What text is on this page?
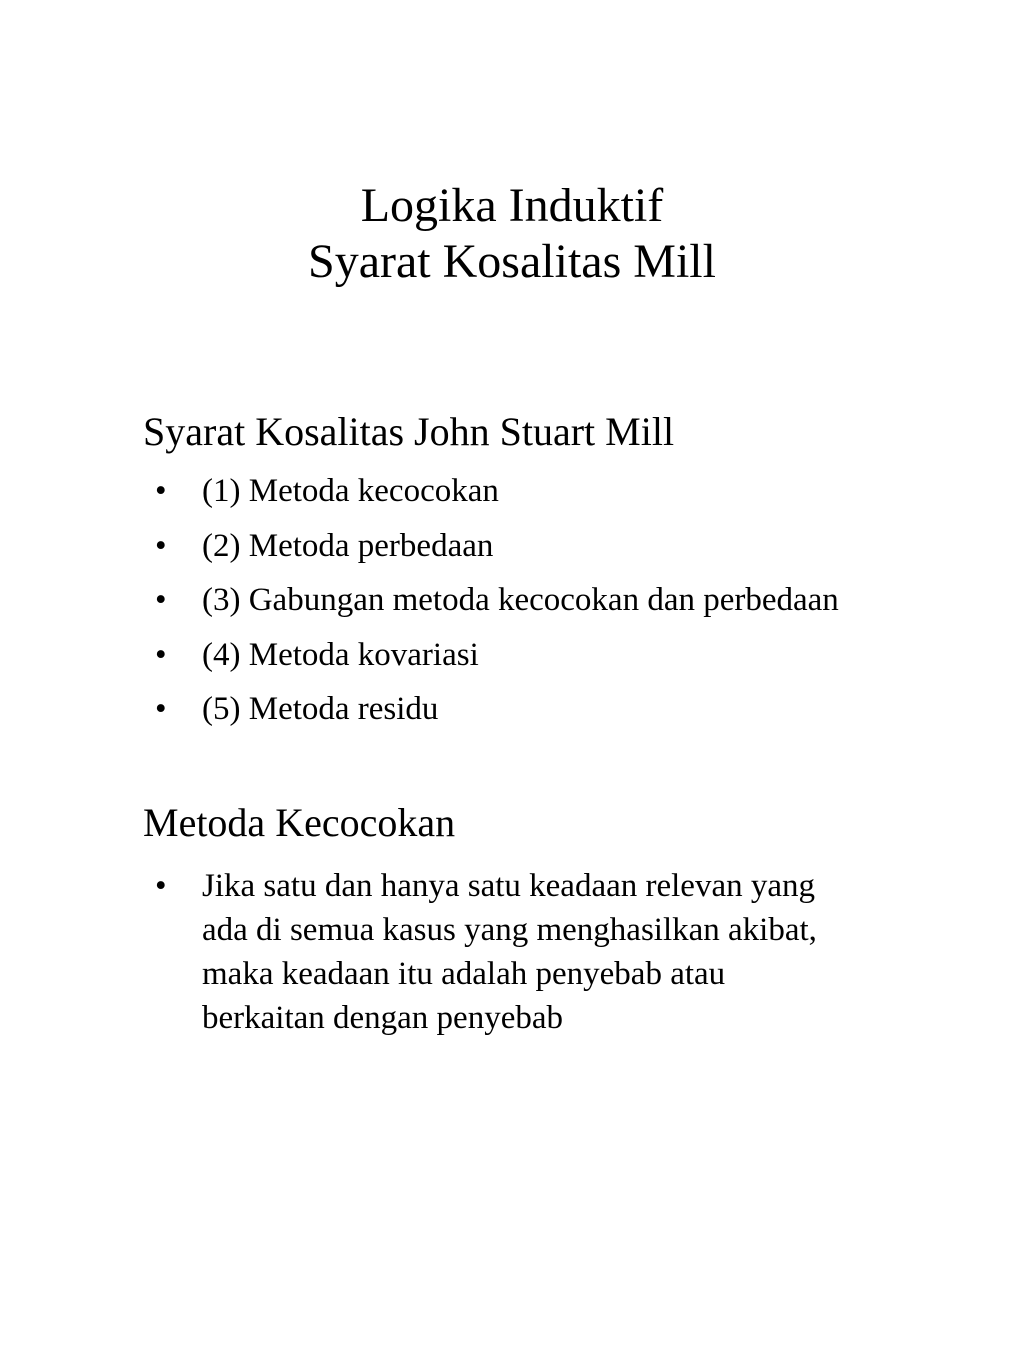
Logika Induktif
Syarat Kosalitas Mill
Syarat Kosalitas John Stuart Mill
• (1) Metoda kecocokan
• (2) Metoda perbedaan
• (3) Gabungan metoda kecocokan dan perbedaan
• (4) Metoda kovariasi
• (5) Metoda residu
Metoda Kecocokan
• Jika satu dan hanya satu keadaan relevan yang
ada di semua kasus yang menghasilkan akibat,
maka keadaan itu adalah penyebab atau
berkaitan dengan penyebab
